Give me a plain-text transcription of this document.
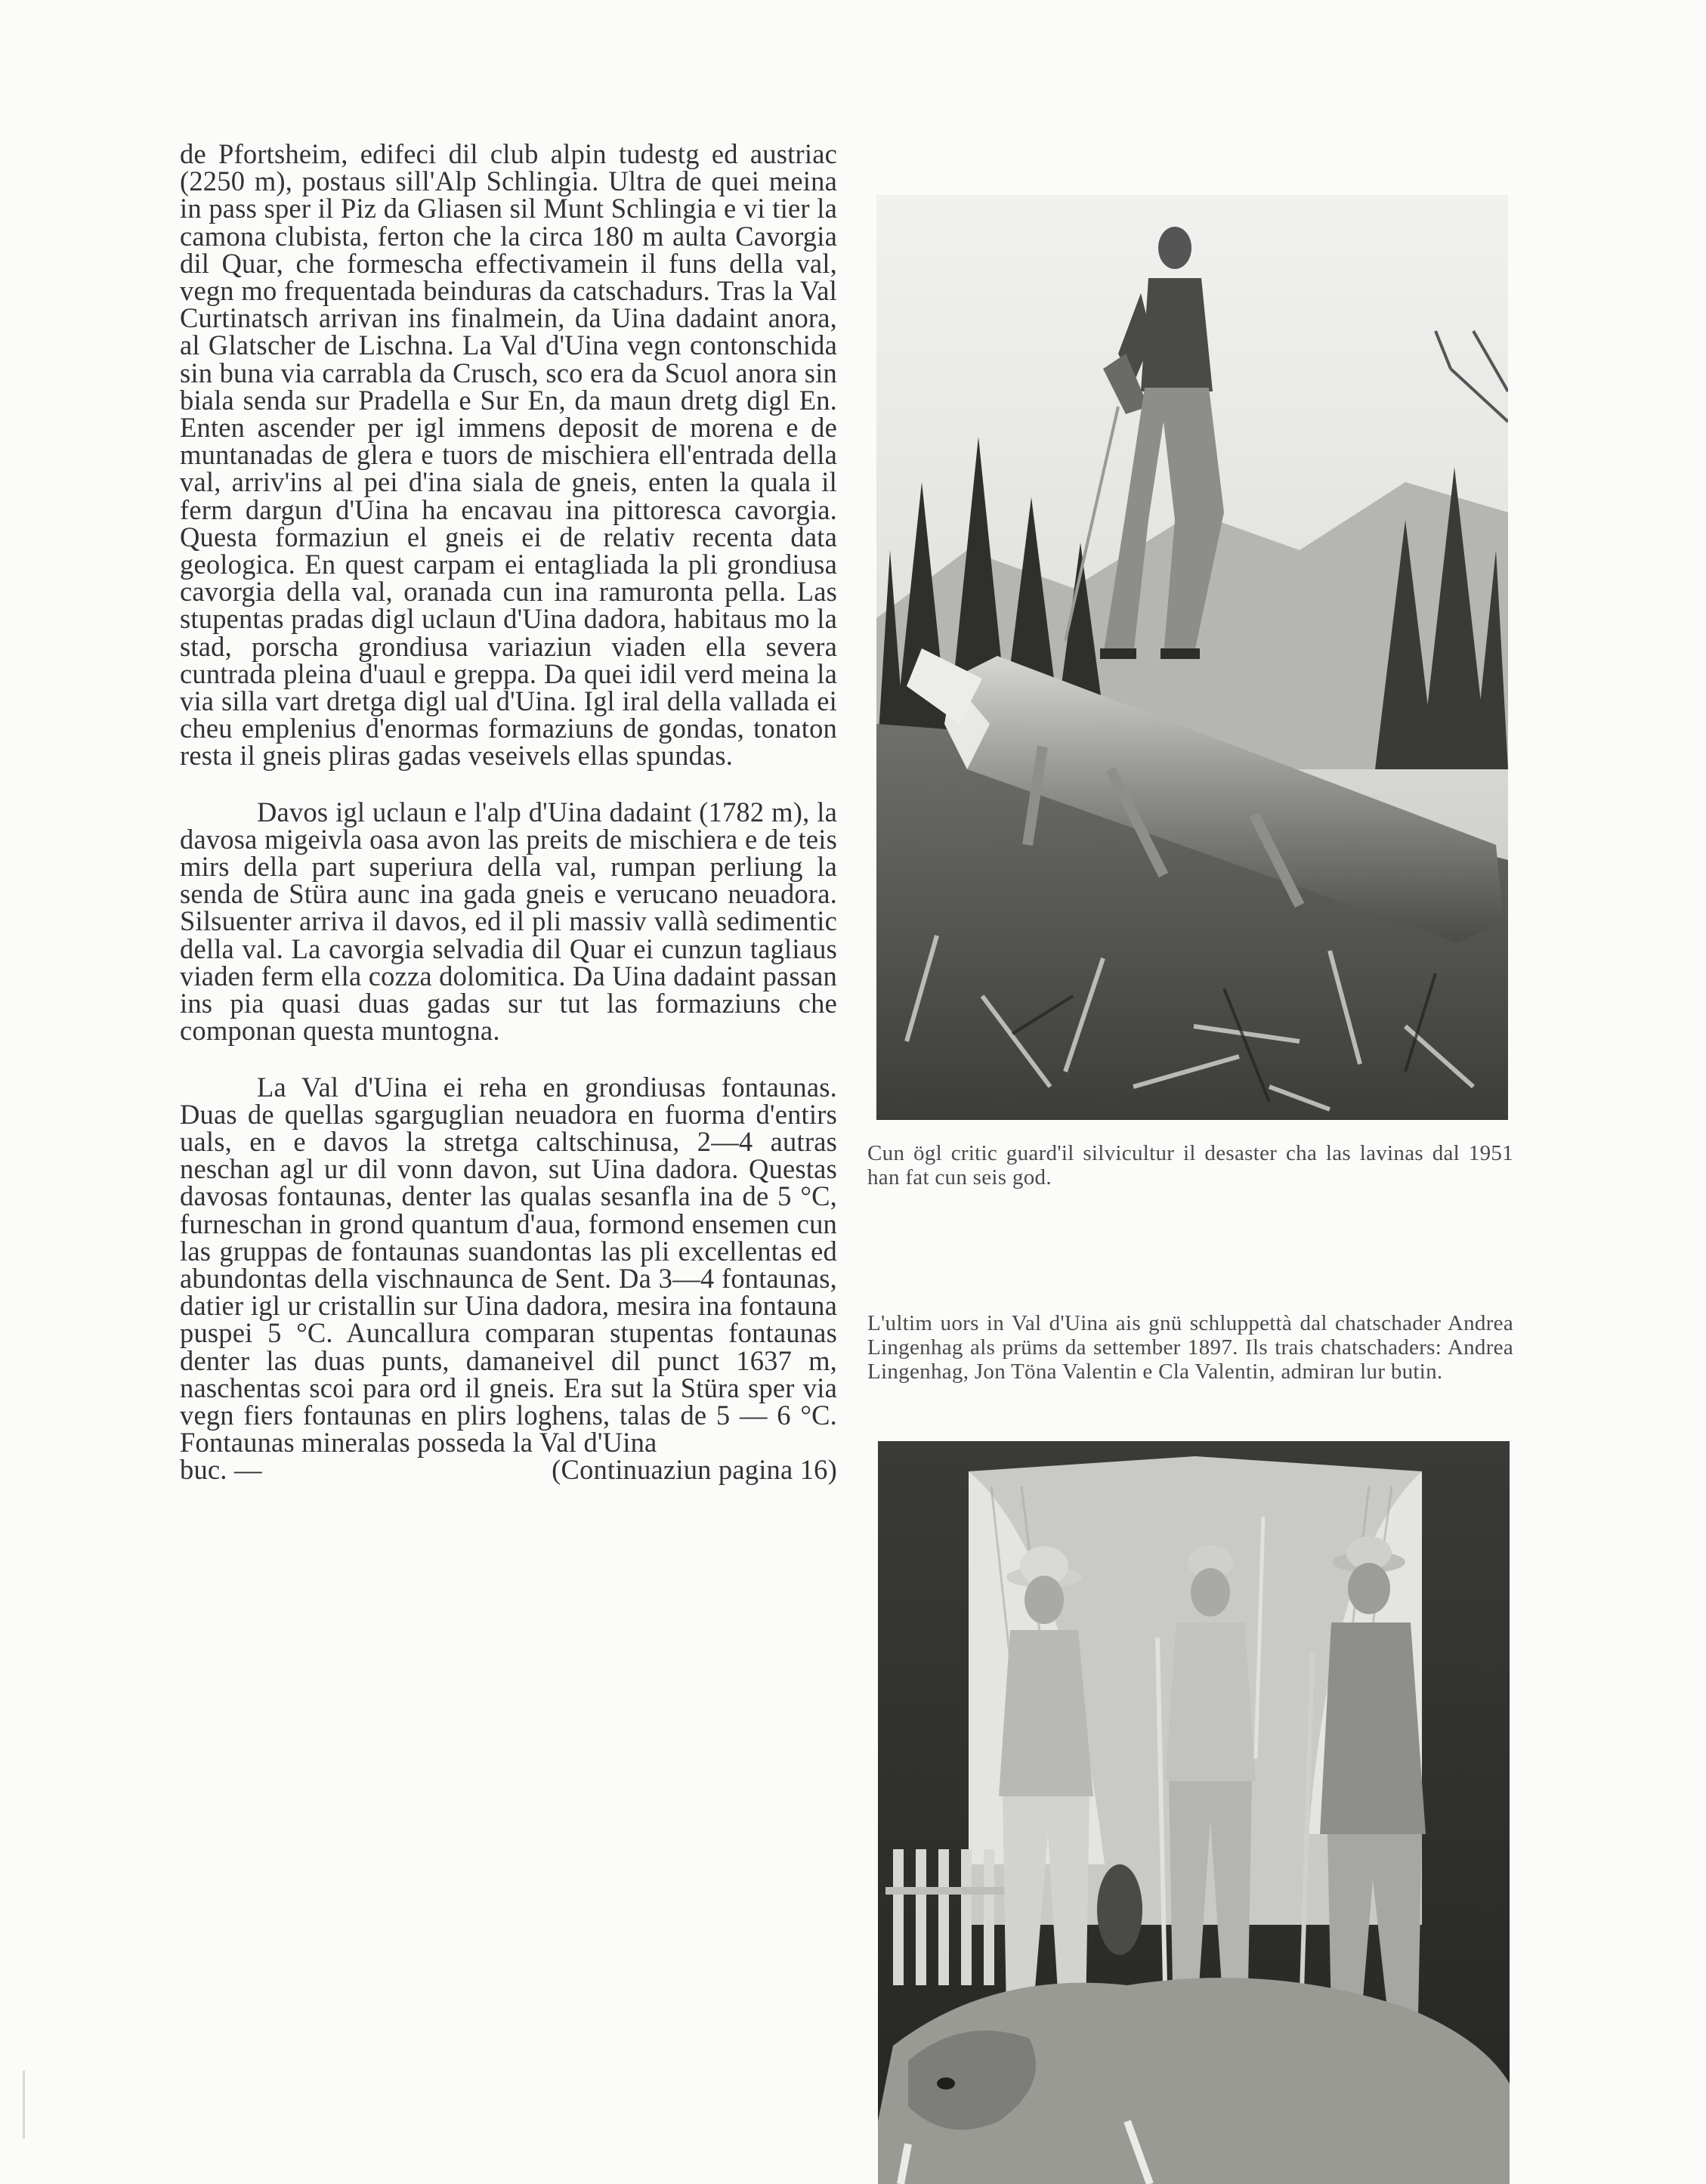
de Pfortsheim, edifeci dil club alpin tudestg ed austriac (2250 m), postaus sill'Alp Schlingia. Ultra de quei meina in pass sper il Piz da Gliasen sil Munt Schlingia e vi tier la camona clubista, ferton che la circa 180 m aulta Cavorgia dil Quar, che formescha effectivamein il funs della val, vegn mo frequentada beinduras da catschadurs. Tras la Val Curtinatsch arrivan ins finalmein, da Uina dadaint anora, al Glatscher de Lischna. La Val d'Uina vegn contonschida sin buna via carrabla da Crusch, sco era da Scuol anora sin biala senda sur Pradella e Sur En, da maun dretg digl En. Enten ascender per igl immens deposit de morena e de muntanadas de glera e tuors de mischiera ell'entrada della val, arriv'ins al pei d'ina siala de gneis, enten la quala il ferm dargun d'Uina ha encavau ina pittoresca cavorgia. Questa formaziun el gneis ei de relativ recenta data geologica. En quest carpam ei entagliada la pli grondiusa cavorgia della val, oranada cun ina ramuronta pella. Las stupentas pradas digl uclaun d'Uina dadora, habitaus mo la stad, porscha grondiusa variaziun viaden ella severa cuntrada pleina d'uaul e greppa. Da quei idil verd meina la via silla vart dretga digl ual d'Uina. Igl iral della vallada ei cheu emplenius d'enormas formaziuns de gondas, tonaton resta il gneis pliras gadas veseivels ellas spundas.

Davos igl uclaun e l'alp d'Uina dadaint (1782 m), la davosa migeivla oasa avon las preits de mischiera e de teis mirs della part superiura della val, rumpan perliung la senda de Stüra aunc ina gada gneis e verucano neuadora. Silsuenter arriva il davos, ed il pli massiv vallà sedimentic della val. La cavorgia selvadia dil Quar ei cunzun tagliaus viaden ferm ella cozza dolomitica. Da Uina dadaint passan ins pia quasi duas gadas sur tut las formaziuns che componan questa muntogna.

La Val d'Uina ei reha en grondiusas fontaunas. Duas de quellas sgarguglian neuadora en fuorma d'entirs uals, en e davos la stretga caltschinusa, 2—4 autras neschan agl ur dil vonn davon, sut Uina dadora. Questas davosas fontaunas, denter las qualas sesanfla ina de 5 °C, furneschan in grond quantum d'aua, formond ensemen cun las gruppas de fontaunas suandontas las pli excellentas ed abundontas della vischnaunca de Sent. Da 3—4 fontaunas, datier igl ur cristallin sur Uina dadora, mesira ina fontauna puspei 5 °C. Auncallura comparan stupentas fontaunas denter las duas punts, damaneivel dil punct 1637 m, naschentas scoi para ord il gneis. Era sut la Stüra sper via vegn fiers fontaunas en plirs loghens, talas de 5 — 6 °C. Fontaunas mineralas posseda la Val d'Uina

buc. —	(Continuaziun pagina 16)
Cun ögl critic guard'il silvicultur il desaster cha las lavinas dal 1951 han fat cun seis god.
L'ultim uors in Val d'Uina ais gnü schluppettà dal chatschader Andrea Lingenhag als prüms da settember 1897. Ils trais chatschaders: Andrea Lingenhag, Jon Töna Valentin e Cla Valentin, admiran lur butin.
